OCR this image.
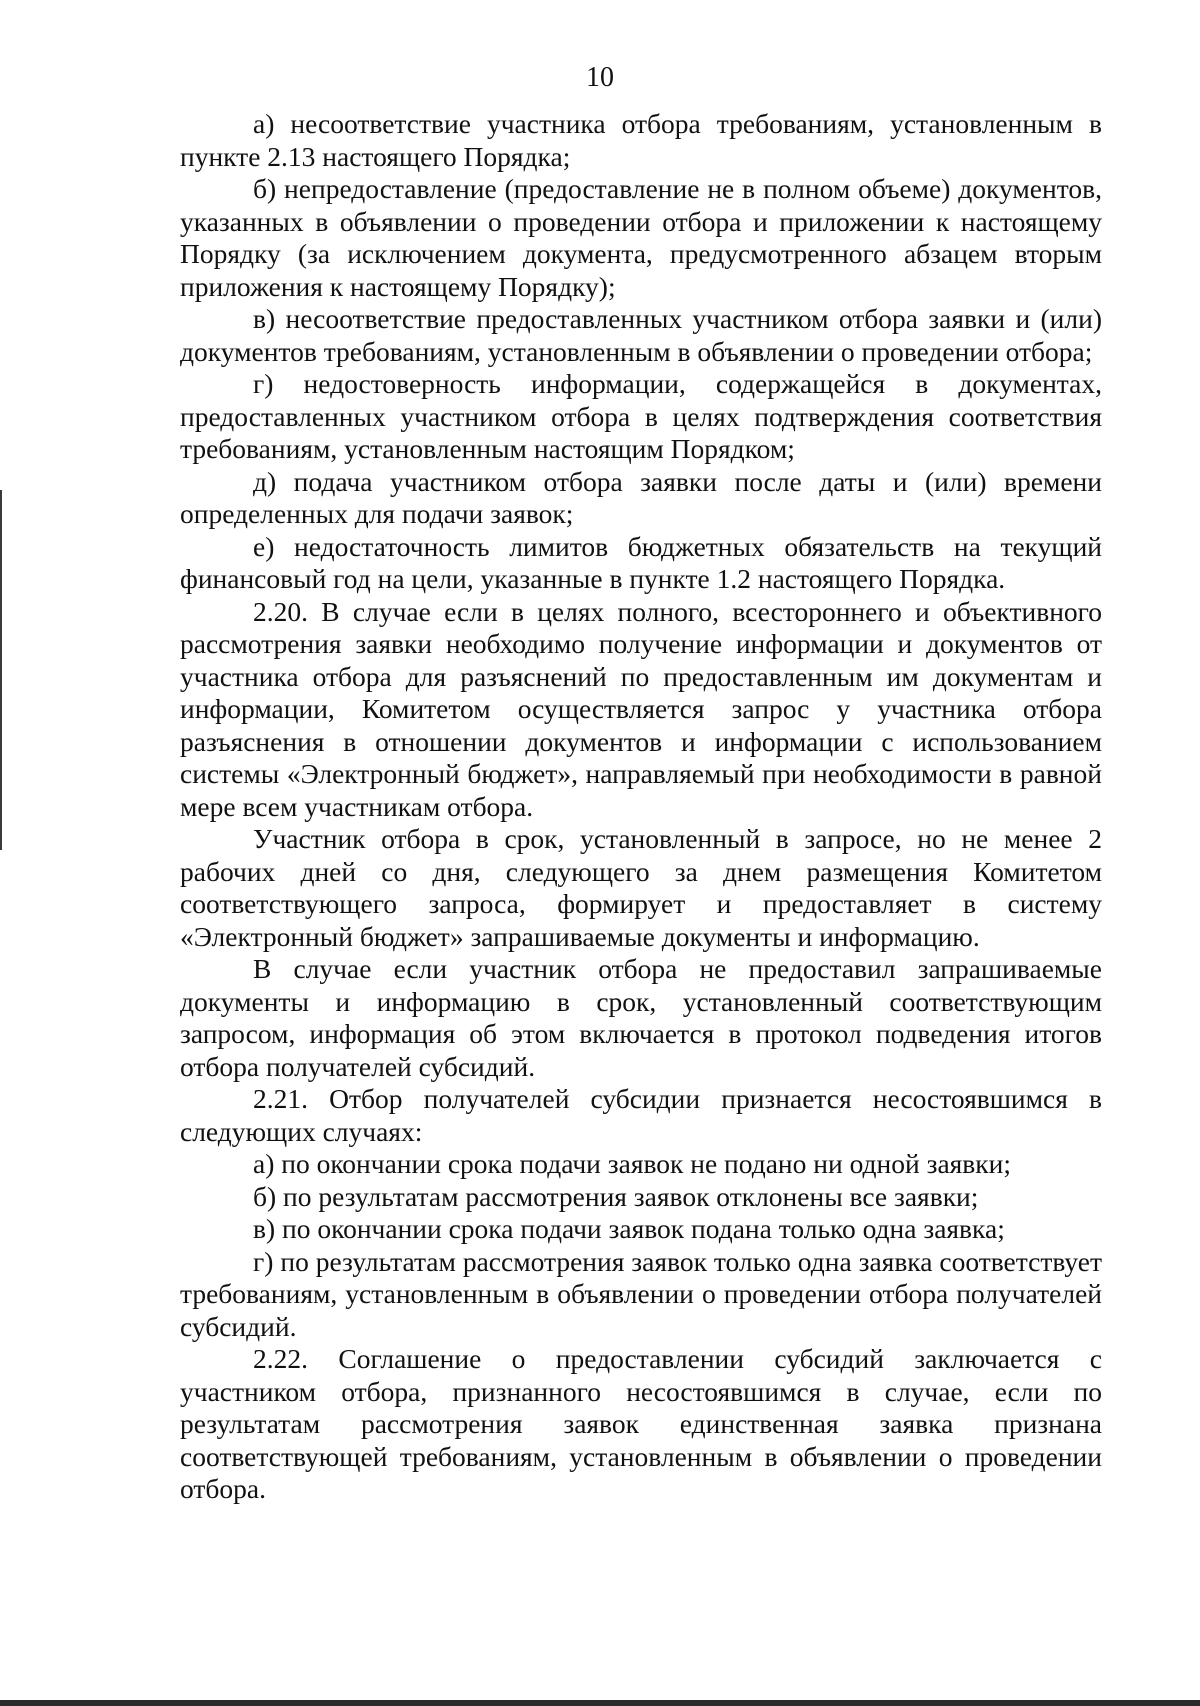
10

а) несоответствие участника отбора требованиям, установленным в пункте 2.13 настоящего Порядка;

б) непредоставление (предоставление не в полном объеме) документов, указанных в объявлении о проведении отбора и приложении к настоящему Порядку (за исключением документа, предусмотренного абзацем вторым приложения к настоящему Порядку);

в) несоответствие предоставленных участником отбора заявки и (или) документов требованиям, установленным в объявлении о проведении отбора;

г) недостоверность информации, содержащейся в документах, предоставленных участником отбора в целях подтверждения соответствия требованиям, установленным настоящим Порядком;

д) подача участником отбора заявки после даты и (или) времени определенных для подачи заявок;

е) недостаточность лимитов бюджетных обязательств на текущий финансовый год на цели, указанные в пункте 1.2 настоящего Порядка.

2.20. В случае если в целях полного, всестороннего и объективного рассмотрения заявки необходимо получение информации и документов от участника отбора для разъяснений по предоставленным им документам и информации, Комитетом осуществляется запрос у участника отбора разъяснения в отношении документов и информации с использованием системы «Электронный бюджет», направляемый при необходимости в равной мере всем участникам отбора.

Участник отбора в срок, установленный в запросе, но не менее 2 рабочих дней со дня, следующего за днем размещения Комитетом соответствующего запроса, формирует и предоставляет в систему «Электронный бюджет» запрашиваемые документы и информацию.

В случае если участник отбора не предоставил запрашиваемые документы и информацию в срок, установленный соответствующим запросом, информация об этом включается в протокол подведения итогов отбора получателей субсидий.

2.21. Отбор получателей субсидии признается несостоявшимся в следующих случаях:

а) по окончании срока подачи заявок не подано ни одной заявки;

б) по результатам рассмотрения заявок отклонены все заявки;

в) по окончании срока подачи заявок подана только одна заявка;

г) по результатам рассмотрения заявок только одна заявка соответствует требованиям, установленным в объявлении о проведении отбора получателей субсидий.

2.22. Соглашение о предоставлении субсидий заключается с участником отбора, признанного несостоявшимся в случае, если по результатам рассмотрения заявок единственная заявка признана соответствующей требованиям, установленным в объявлении о проведении отбора.
